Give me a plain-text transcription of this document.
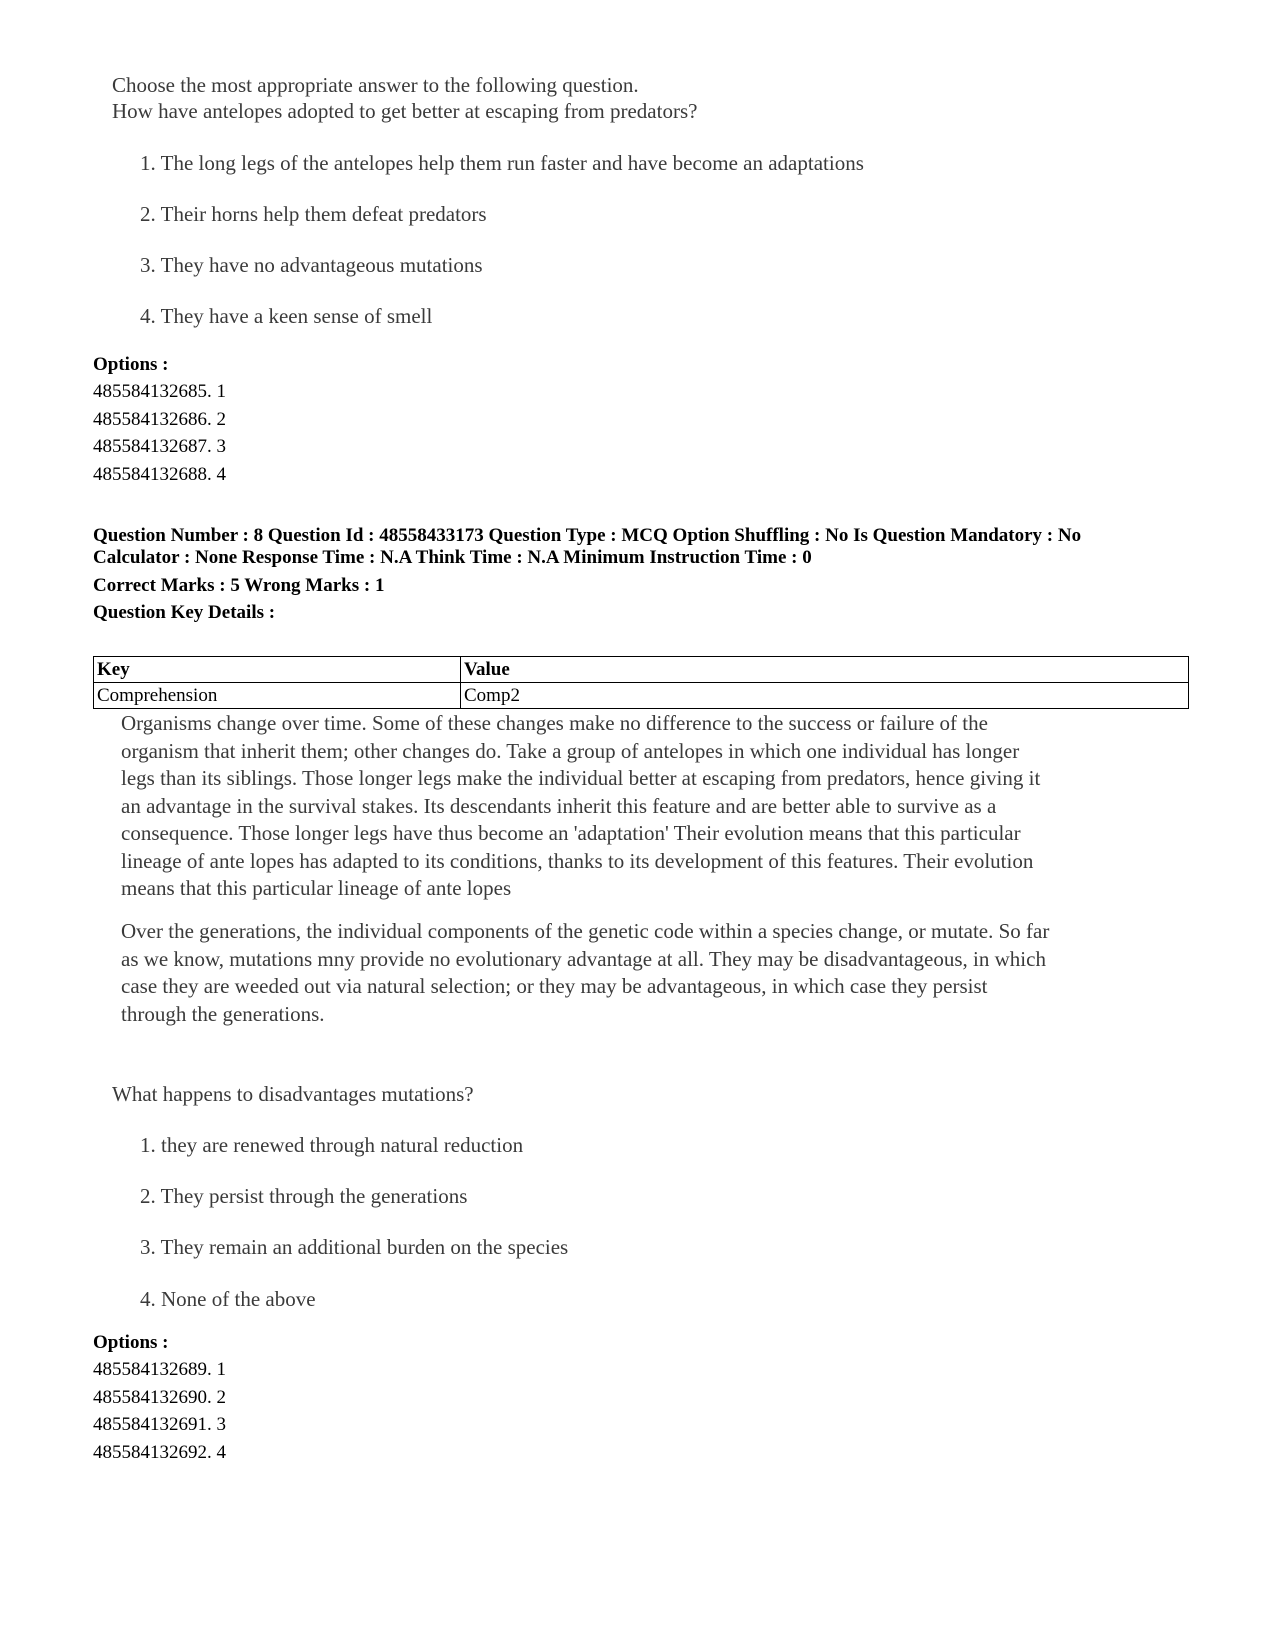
Choose the most appropriate answer to the following question.

How have antelopes adopted to get better at escaping from predators?

1. The long legs of the antelopes help them run faster and have become an adaptations
2. Their horns help them defeat predators
3. They have no advantageous mutations
4. They have a keen sense of smell
Options :
485584132685. 1
485584132686. 2
485584132687. 3
485584132688. 4
Question Number : 8 Question Id : 48558433173 Question Type : MCQ Option Shuffling : No Is Question Mandatory : No
Calculator : None Response Time : N.A Think Time : N.A Minimum Instruction Time : 0
Correct Marks : 5 Wrong Marks : 1
Question Key Details :
Key	Value
Comprehension	Comp2
Organisms change over time. Some of these changes make no difference to the success or failure of the
organism that inherit them; other changes do. Take a group of antelopes in which one individual has longer
legs than its siblings. Those longer legs make the individual better at escaping from predators, hence giving it
an advantage in the survival stakes. Its descendants inherit this feature and are better able to survive as a
consequence. Those longer legs have thus become an 'adaptation' Their evolution means that this particular
lineage of ante lopes has adapted to its conditions, thanks to its development of this features. Their evolution
means that this particular lineage of ante lopes
Over the generations, the individual components of the genetic code within a species change, or mutate. So far
as we know, mutations mny provide no evolutionary advantage at all. They may be disadvantageous, in which
case they are weeded out via natural selection; or they may be advantageous, in which case they persist
through the generations.

What happens to disadvantages mutations?

1. they are renewed through natural reduction
2. They persist through the generations
3. They remain an additional burden on the species
4. None of the above
Options :
485584132689. 1
485584132690. 2
485584132691. 3
485584132692. 4
